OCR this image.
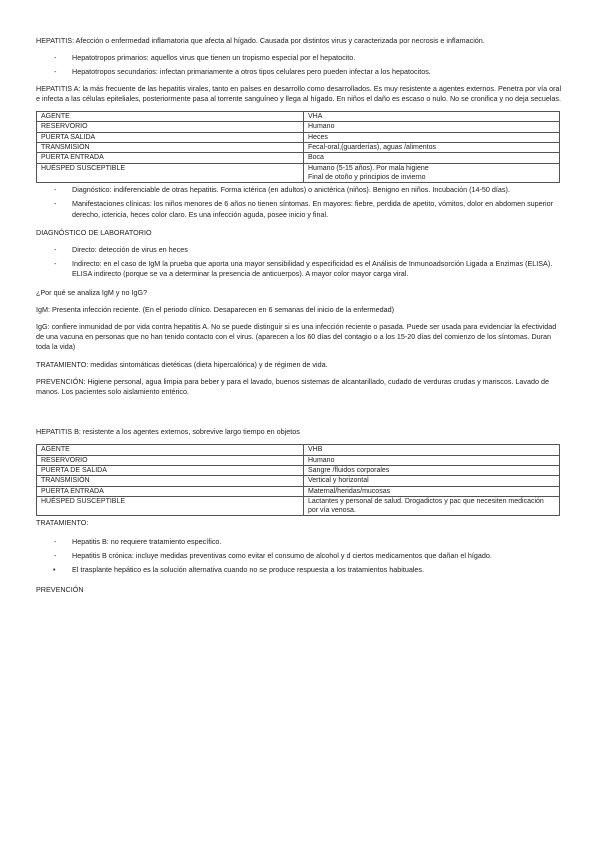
HEPATITIS: Afección o enfermedad inflamatoria que afecta al hígado. Causada por distintos virus y caracterizada por necrosis e inflamación.

- Hepatotropos primarios: aquellos virus que tienen un tropismo especial por el hepatocito.
- Hepatotropos secundarios: infectan primariamente a otros tipos celulares pero pueden infectar a los hepatocitos.

HEPATITIS A: la más frecuente de las hepatitis virales, tanto en países en desarrollo como desarrollados. Es muy resistente a agentes externos. Penetra por vía oral e infecta a las células epiteliales, posteriormente pasa al torrente sanguíneo y llega al hígado. En niños el daño es escaso o nulo. No se cronifica y no deja secuelas.

AGENTE	VHA
RESERVORIO	Humano
PUERTA SALIDA	Heces
TRANSMISIÓN	Fecal-oral,(guarderías), aguas /alimentos
PUERTA ENTRADA	Boca
HUÉSPED SUSCEPTIBLE	Humano (5-15 años). Por mala higiene
Final de otoño y principios de invierno
- Diagnóstico: indiferenciable de otras hepatitis. Forma ictérica (en adultos) o anictérica (niños). Benigno en niños. Incubación (14-50 días).
- Manifestaciones clínicas: los niños menores de 6 años no tienen síntomas. En mayores: fiebre, perdida de apetito, vómitos, dolor en abdomen superior derecho, ictericia, heces color claro. Es una infección aguda, posee inicio y final.

DIAGNÓSTICO DE LABORATORIO

- Directo: detección de virus en heces
- Indirecto: en el caso de IgM la prueba que aporta una mayor sensibilidad y especificidad es el Análisis de Inmunoadsorción Ligada a Enzimas (ELISA). ELISA indirecto (porque se va a determinar la presencia de anticuerpos). A mayor color mayor carga viral.

¿Por qué se analiza IgM y no IgG?

IgM: Presenta infección reciente. (En el periodo clínico. Desaparecen en 6 semanas del inicio de la enfermedad)

IgG: confiere inmunidad de por vida contra hepatitis A. No se puede distinguir si es una infección reciente o pasada. Puede ser usada para evidenciar la efectividad de una vacuna en personas que no han tenido contacto con el virus. (aparecen a los 60 días del contagio o a los 15-20 días del comienzo de los síntomas. Duran toda la vida)

TRATAMIENTO: medidas sintomáticas dietéticas (dieta hipercalórica) y de régimen de vida.

PREVENCIÓN: Higiene personal, agua limpia para beber y para el lavado, buenos sistemas de alcantarillado, cudado de verduras crudas y mariscos. Lavado de manos. Los pacientes solo aislamiento entérico.

HEPATITIS B: resistente a los agentes externos, sobrevive largo tiempo en objetos

AGENTE	VHB
RESERVORIO	Humano
PUERTA DE SALIDA	Sangre /fluidos corporales
TRANSMISIÓN	Vertical y horizontal
PUERTA ENTRADA	Maternal/heridas/mucosas
HUÉSPED SUSCEPTIBLE	Lactantes y personal de salud. Drogadictos y pac que necesiten medicación por vía venosa.

TRATAMIENTO:

- Hepatitis B: no requiere tratamiento específico.
- Hepatitis B crónica: incluye medidas preventivas como evitar el consumo de alcohol y d ciertos medicamentos que dañan el hígado.
• El trasplante hepático es la solución alternativa cuando no se produce respuesta a los tratamientos habituales.

PREVENCIÓN
